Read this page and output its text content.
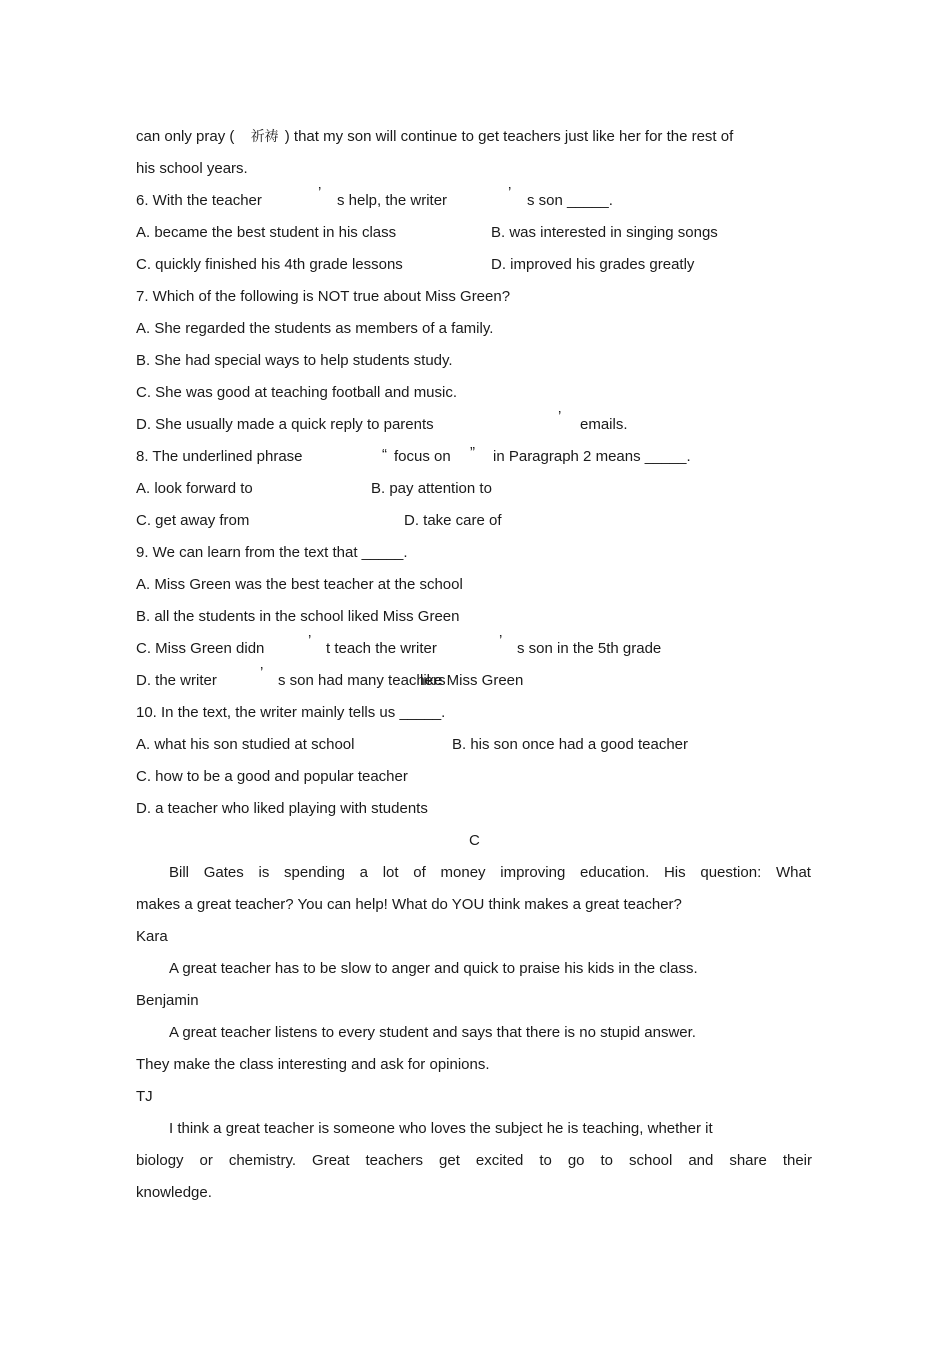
can only pray ( 祈祷 ) that my son will continue to get teachers just like her for the rest of
his school years.
6. With the teacher	’ s help, the writer	’ s son _____.
A. became the best student in his class	B. was interested in singing songs
C. quickly finished his 4th grade lessons	D. improved his grades greatly
7. Which of the following is NOT true about Miss Green?
A. She regarded the students as members of a family.
B. She had special ways to help students study.
C. She was good at teaching football and music.
D. She usually made a quick reply to parents	’ emails.
8. The underlined phrase	“ focus on ” in Paragraph 2 means _____.
A. look forward to	B. pay attention to
C. get away from	D. take care of
9. We can learn from the text that _____.
A. Miss Green was the best teacher at the school
B. all the students in the school liked Miss Green
C. Miss Green didn	’ t teach the writer	’ s son in the 5th grade
D. the writer	’ s son had many teachers
like Miss Green
10. In the text, the writer mainly tells us _____.
A. what his son studied at school	B. his son once had a good teacher
C. how to be a good and popular teacher
D. a teacher who liked playing with students
C
Bill Gates is spending a lot of money improving education. His question: What
makes a great teacher? You can help! What do YOU think makes a great teacher?
Kara
A great teacher has to be slow to anger and quick to praise his kids in the class.
Benjamin
A great teacher listens to every student and says that there is no stupid answer.
They make the class interesting and ask for opinions.
TJ
I think a great teacher is someone who loves the subject he is teaching, whether it
biology or chemistry. Great teachers get excited to go to school and share their
knowledge.
